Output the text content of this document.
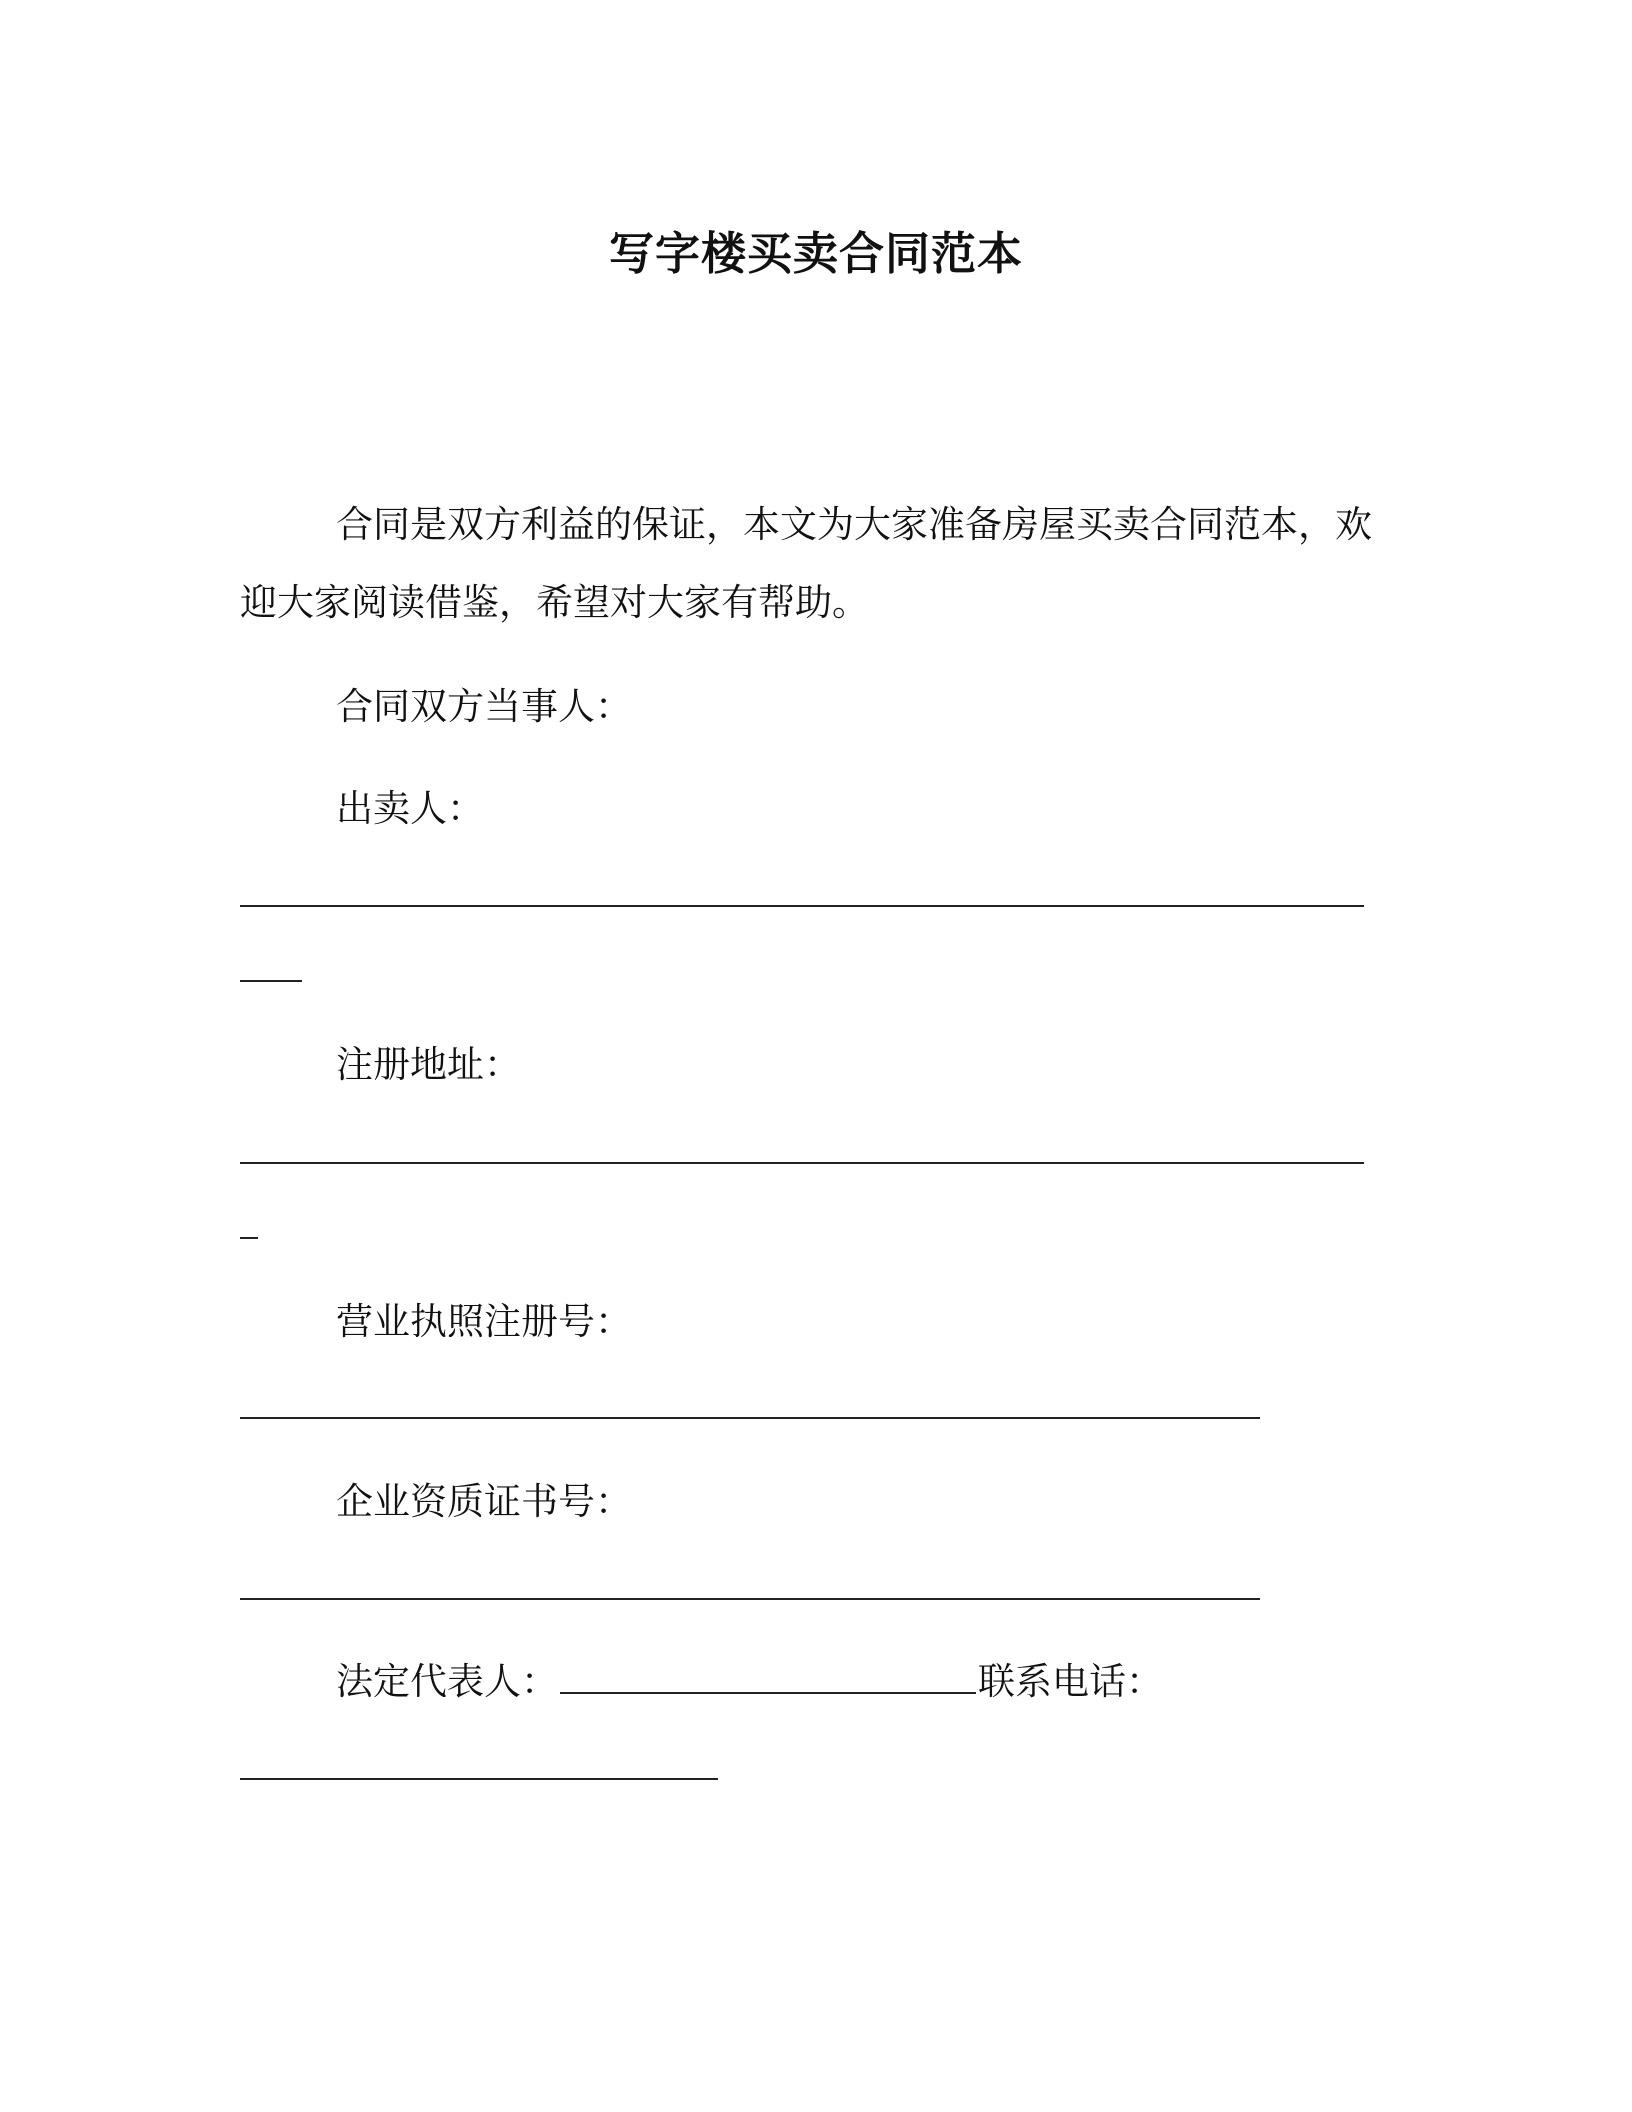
写字楼买卖合同范本

合同是双方利益的保证，本文为大家准备房屋买卖合同范本，欢迎大家阅读借鉴，希望对大家有帮助。

合同双方当事人：
出卖人：
注册地址：
营业执照注册号：
企业资质证书号：
法定代表人：	联系电话：
